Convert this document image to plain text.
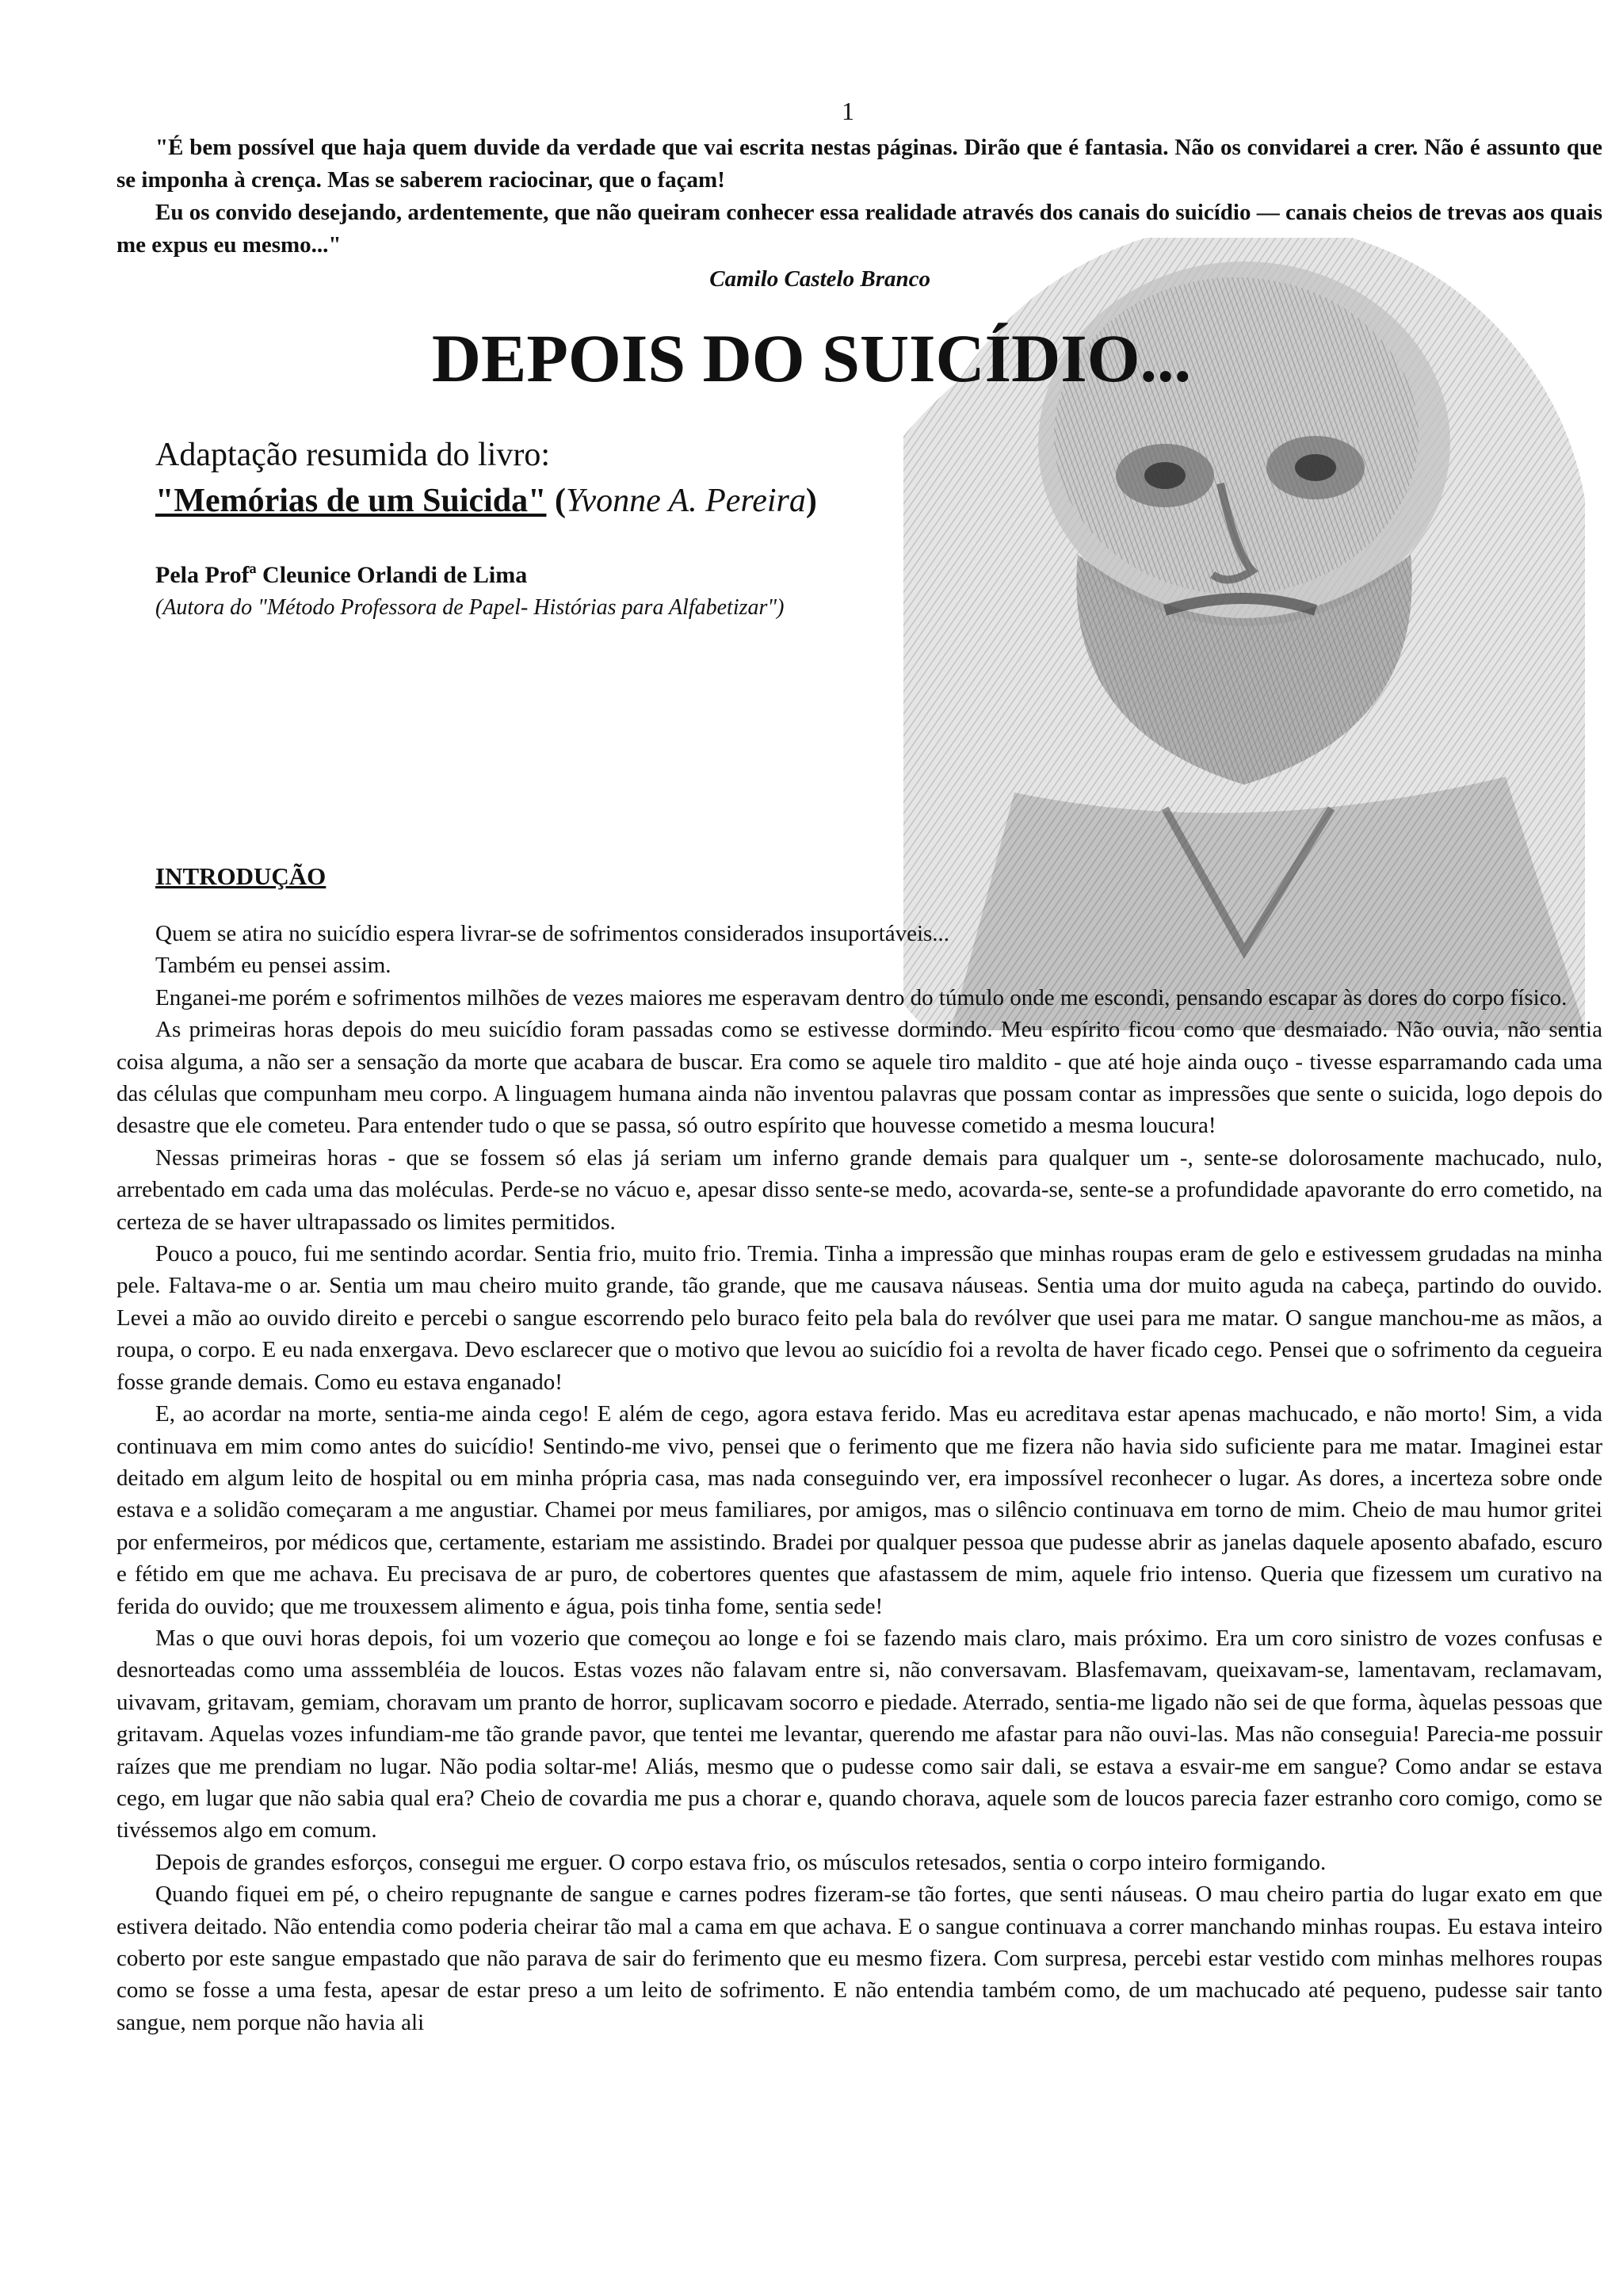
1

"É bem possível que haja quem duvide da verdade que vai escrita nestas páginas. Dirão que é fantasia. Não os convidarei a crer. Não é assunto que se imponha à crença. Mas se saberem raciocinar, que o façam!

Eu os convido desejando, ardentemente, que não queiram conhecer essa realidade através dos canais do suicídio — canais cheios de trevas aos quais me expus eu mesmo..."

Camilo Castelo Branco
DEPOIS DO SUICÍDIO...
Adaptação resumida do livro:
"Memórias de um Suicida" (Yvonne A. Pereira)
Pela Profª Cleunice Orlandi de Lima
(Autora do "Método Professora de Papel- Histórias para Alfabetizar")
INTRODUÇÃO

Quem se atira no suicídio espera livrar-se de sofrimentos considerados insuportáveis...

Também eu pensei assim.

Enganei-me porém e sofrimentos milhões de vezes maiores me esperavam dentro do túmulo onde me escondi, pensando escapar às dores do corpo físico.

As primeiras horas depois do meu suicídio foram passadas como se estivesse dormindo. Meu espírito ficou como que desmaiado. Não ouvia, não sentia coisa alguma, a não ser a sensação da morte que acabara de buscar. Era como se aquele tiro maldito - que até hoje ainda ouço - tivesse esparramando cada uma das células que compunham meu corpo. A linguagem humana ainda não inventou palavras que possam contar as impressões que sente o suicida, logo depois do desastre que ele cometeu. Para entender tudo o que se passa, só outro espírito que houvesse cometido a mesma loucura!

Nessas primeiras horas - que se fossem só elas já seriam um inferno grande demais para qualquer um -, sente-se dolorosamente machucado, nulo, arrebentado em cada uma das moléculas. Perde-se no vácuo e, apesar disso sente-se medo, acovarda-se, sente-se a profundidade apavorante do erro cometido, na certeza de se haver ultrapassado os limites permitidos.

Pouco a pouco, fui me sentindo acordar. Sentia frio, muito frio. Tremia. Tinha a impressão que minhas roupas eram de gelo e estivessem grudadas na minha pele. Faltava-me o ar. Sentia um mau cheiro muito grande, tão grande, que me causava náuseas. Sentia uma dor muito aguda na cabeça, partindo do ouvido. Levei a mão ao ouvido direito e percebi o sangue escorrendo pelo buraco feito pela bala do revólver que usei para me matar. O sangue manchou-me as mãos, a roupa, o corpo. E eu nada enxergava. Devo esclarecer que o motivo que levou ao suicídio foi a revolta de haver ficado cego. Pensei que o sofrimento da cegueira fosse grande demais. Como eu estava enganado!

E, ao acordar na morte, sentia-me ainda cego! E além de cego, agora estava ferido. Mas eu acreditava estar apenas machucado, e não morto! Sim, a vida continuava em mim como antes do suicídio! Sentindo-me vivo, pensei que o ferimento que me fizera não havia sido suficiente para me matar. Imaginei estar deitado em algum leito de hospital ou em minha própria casa, mas nada conseguindo ver, era impossível reconhecer o lugar. As dores, a incerteza sobre onde estava e a solidão começaram a me angustiar. Chamei por meus familiares, por amigos, mas o silêncio continuava em torno de mim. Cheio de mau humor gritei por enfermeiros, por médicos que, certamente, estariam me assistindo. Bradei por qualquer pessoa que pudesse abrir as janelas daquele aposento abafado, escuro e fétido em que me achava. Eu precisava de ar puro, de cobertores quentes que afastassem de mim, aquele frio intenso. Queria que fizessem um curativo na ferida do ouvido; que me trouxessem alimento e água, pois tinha fome, sentia sede!

Mas o que ouvi horas depois, foi um vozerio que começou ao longe e foi se fazendo mais claro, mais próximo. Era um coro sinistro de vozes confusas e desnorteadas como uma asssembléia de loucos. Estas vozes não falavam entre si, não conversavam. Blasfemavam, queixavam-se, lamentavam, reclamavam, uivavam, gritavam, gemiam, choravam um pranto de horror, suplicavam socorro e piedade. Aterrado, sentia-me ligado não sei de que forma, àquelas pessoas que gritavam. Aquelas vozes infundiam-me tão grande pavor, que tentei me levantar, querendo me afastar para não ouvi-las. Mas não conseguia! Parecia-me possuir raízes que me prendiam no lugar. Não podia soltar-me! Aliás, mesmo que o pudesse como sair dali, se estava a esvair-me em sangue? Como andar se estava cego, em lugar que não sabia qual era? Cheio de covardia me pus a chorar e, quando chorava, aquele som de loucos parecia fazer estranho coro comigo, como se tivéssemos algo em comum.

Depois de grandes esforços, consegui me erguer. O corpo estava frio, os músculos retesados, sentia o corpo inteiro formigando.

Quando fiquei em pé, o cheiro repugnante de sangue e carnes podres fizeram-se tão fortes, que senti náuseas. O mau cheiro partia do lugar exato em que estivera deitado. Não entendia como poderia cheirar tão mal a cama em que achava. E o sangue continuava a correr manchando minhas roupas. Eu estava inteiro coberto por este sangue empastado que não parava de sair do ferimento que eu mesmo fizera. Com surpresa, percebi estar vestido com minhas melhores roupas como se fosse a uma festa, apesar de estar preso a um leito de sofrimento. E não entendia também como, de um machucado até pequeno, pudesse sair tanto sangue, nem porque não havia ali
